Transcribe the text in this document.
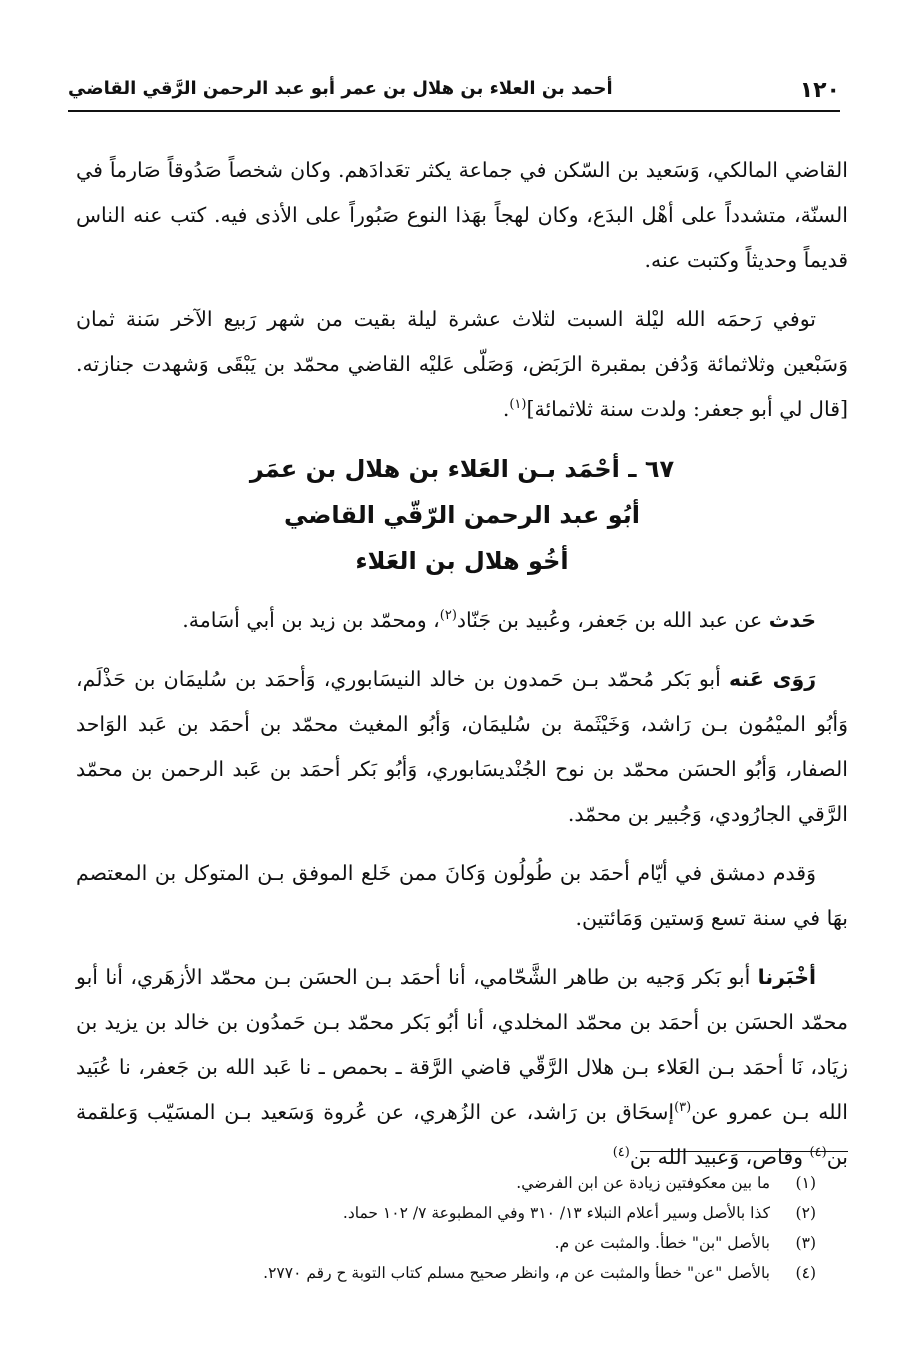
١٢٠
أحمد بن العلاء بن هلال بن عمر أبو عبد الرحمن الرَّقي القاضي

القاضي المالكي، وَسَعيد بن السّكن في جماعة يكثر تعَدادَهم. وكان شخصاً صَدُوقاً صَارماً في السنّة، متشدداً على أهْل البدَع، وكان لهجاً بهَذا النوع صَبُوراً على الأذى فيه. كتب عنه الناس قديماً وحديثاً وكتبت عنه.

توفي رَحمَه الله ليْلة السبت لثلاث عشرة ليلة بقيت من شهر رَبيع الآخر سَنة ثمان وَسَبْعين وثلاثمائة وَدُفن بمقبرة الرَبَض، وَصَلّى عَليْه القاضي محمّد بن يَبْقَى وَشهدت جنازته. [قال لي أبو جعفر: ولدت سنة ثلاثمائة]$^{(١)}$.

٦٧ ـ أحْمَد بـن العَلاء بن هلال بن عمَر
أبُو عبد الرحمن الرّقّي القاضي
أخُو هلال بن العَلاء

حَدث عن عبد الله بن جَعفر، وعُبيد بن جَنّاد$^{(٢)}$، ومحمّد بن زيد بن أبي أسَامة.

رَوَى عَنه أبو بَكر مُحمّد بـن حَمدون بن خالد النيسَابوري، وَأحمَد بن سُليمَان بن حَذْلَم، وَأبُو الميْمُون بـن رَاشد، وَخَيْثَمة بن سُليمَان، وَأبُو المغيث محمّد بن أحمَد بن عَبد الوَاحد الصفار، وَأبُو الحسَن محمّد بن نوح الجُنْديسَابوري، وَأبُو بَكر أحمَد بن عَبد الرحمن بن محمّد الرَّقي الجارُودي، وَجُبير بن محمّد.

وَقدم دمشق في أيّام أحمَد بن طُولُون وَكانَ ممن خَلع الموفق بـن المتوكل بن المعتصم بهَا في سنة تسع وَستين وَمَائتين.

أخْبَرنا أبو بَكر وَجيه بن طاهر الشَّحّامي، أنا أحمَد بـن الحسَن بـن محمّد الأزهَري، أنا أبو محمّد الحسَن بن أحمَد بن محمّد المخلدي، أنا أبُو بَكر محمّد بـن حَمدُون بن خالد بن يزيد بن زيَاد، نَا أحمَد بـن العَلاء بـن هلال الرَّقّي قاضي الرَّقة ـ بحمص ـ نا عَبد الله بن جَعفر، نا عُبَيد الله بـن عمرو عن$^{(٣)}$إسحَاق بن رَاشد، عن الزُهري، عن عُروة وَسَعيد بـن المسَيّب وَعلقمة بن$^{(٤)}$ وقاص، وَعبيد الله بن$^{(٤)}$

(١)
ما بين معكوفتين زيادة عن ابن الفرضي.
(٢)
كذا بالأصل وسير أعلام النبلاء ١٣/ ٣١٠ وفي المطبوعة ٧/ ١٠٢ حماد.
(٣)
بالأصل "بن" خطأ. والمثبت عن م.
(٤)
بالأصل "عن" خطأ والمثبت عن م، وانظر صحيح مسلم كتاب التوبة ح رقم ٢٧٧٠.
